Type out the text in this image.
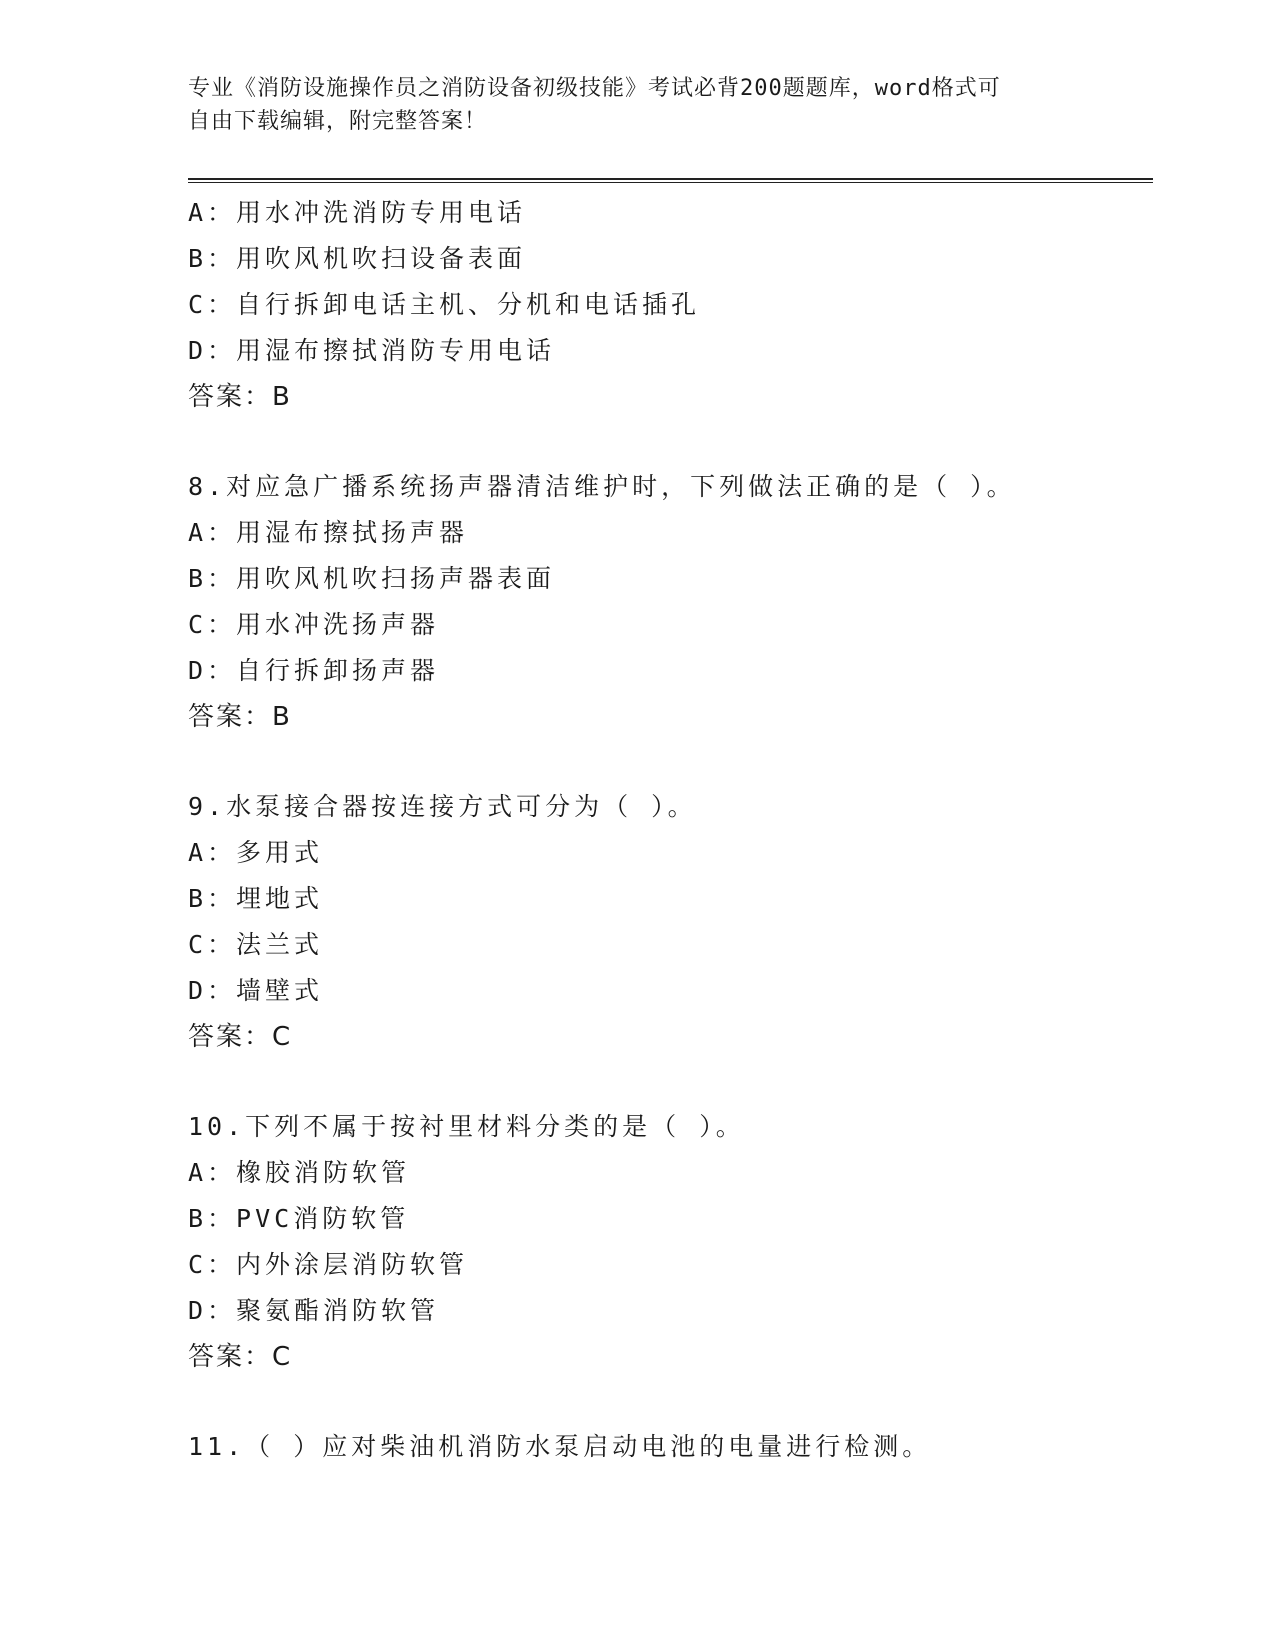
专业《消防设施操作员之消防设备初级技能》考试必背200题题库，word格式可
自由下载编辑，附完整答案！
A：用水冲洗消防专用电话
B：用吹风机吹扫设备表面
C：自行拆卸电话主机、分机和电话插孔
D：用湿布擦拭消防专用电话
答案：B
8.对应急广播系统扬声器清洁维护时，下列做法正确的是（ ）。
A：用湿布擦拭扬声器
B：用吹风机吹扫扬声器表面
C：用水冲洗扬声器
D：自行拆卸扬声器
答案：B
9.水泵接合器按连接方式可分为（ ）。
A：多用式
B：埋地式
C：法兰式
D：墙壁式
答案：C
10.下列不属于按衬里材料分类的是（ ）。
A：橡胶消防软管
B：PVC消防软管
C：内外涂层消防软管
D：聚氨酯消防软管
答案：C
11.（ ）应对柴油机消防水泵启动电池的电量进行检测。
